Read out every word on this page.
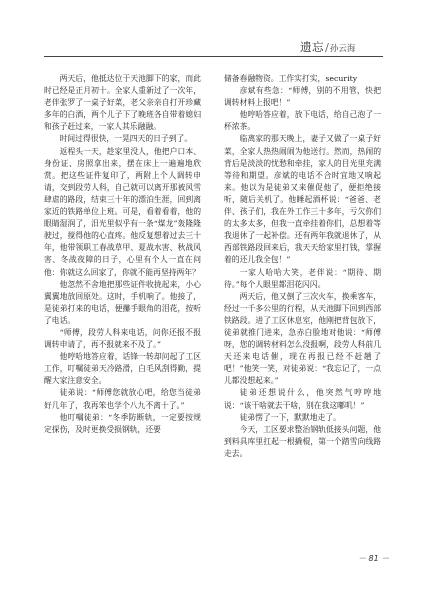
遗忘/孙云海

两天后，他抵达位于天池脚下的家，而此时已经是正月初十。全家人重新过了一次年，老伴张罗了一桌子好菜，老父亲亲自打开珍藏多年的白酒，两个儿子下了晚班各自带着媳妇和孩子赶过来，一家人其乐融融。

时间过得很快，一晃四天的日子到了。

返程头一天，趁家里没人，他把户口本、身份证、房照拿出来，摆在床上一遍遍地欣赏。把这些证件复印了，两附上个人调转申请，交到段劳人科，自己就可以离开那被风雪肆虐的路段，结束三十年的漂泊生涯，回到离家近的铁路单位上班。可是，看着看着，他的眼睛湿润了，汨光里似乎有一条“煤龙”轰隆隆驶过，搅得他的心直疼。他反复想着过去三十年，他带领职工春战草甲、夏战水害、秋战风害、冬战夜障的日子，心里有个人一直在问他：你就这么回家了，你就不能再坚持两年？

他忽然不舍地把那些证件收拢起来，小心翼翼地放回原处。这时，手机响了。他接了，是徒弟打来的电话，便攥手眼角的泪花，按听了电话。

“师傅，段劳人科来电话，问你还报不报调转申请了，再不报就来不及了。”

他哼哈地答应着，话锋一转却问起了工区工作，叮嘱徒弟天冷路滑，白毛风刮得勤，提醒大家注意安全。

徒弟说：“师傅您就放心吧，给您当徒弟好几年了，我再笨也学个八九不离十了。”

他叮嘱徒弟：“冬季防断轨，一定要按规定探伤，及时更换受损钢轨，还要

储备春融物资。工作实打实，security

彦斌有些急：“师傅，别的不用管，快把调转材料上报吧！”

他哼哈答应着，放下电话，给自己泡了一杯浓茶。

临离家的那天晚上，妻子又做了一桌子好菜，全家人热热闹闹为他送行。然而，热闹的背后是淡淡的忧愁和牵挂，家人的目光里充满等待和期望。彦斌的电话不合时宜地又响起来。他以为是徒弟又来催促他了，便拒绝接听，随后关机了。他睡起酒杯说：“爸爸、老伴、孩子们，我在外工作三十多年，亏欠你们的太多太多，但我一直牵挂着你们，总想着等我退休了一起补偿。还有两年我就退休了，从西部铁路段回来后，我天天给家里打钱，掌握着的还儿我全包！”

一家人哈哈大笑，老伴说：“期待、期待。”每个人眼里都泪花闪闪。

两天后，他又倒了三次火车，换乘客车，经过一千多公里的行程，从天池脚下回到西部铁路段。进了工区休息室，他刚把背包放下，徒弟就推门进来，急赤白脸地对他说：“师傅呀，您的调转材料怎么没报啊，段劳人科前几天还来电话催，现在再报已经不赶趟了吧！”他笑一笑，对徒弟说：“我忘记了，一点儿都没想起来。”

徒弟还想说什么，他突然气哼哼地说：“该干啥就去干啥，别在我这嘟叽！”

徒弟愣了一下，默默地走了。

今天，工区要求整治钢轨低接头问题，他到料具库里扛起一根撬棍，第一个踏雪向线路走去。

－ 81 －
